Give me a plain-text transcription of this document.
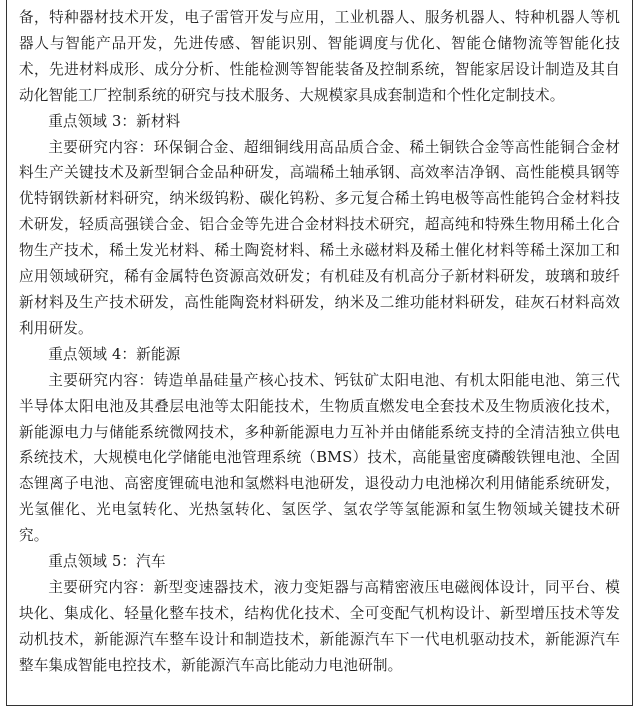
备，特种器材技术开发，电子雷管开发与应用，工业机器人、服务机器人、特种机器人等机器人与智能产品开发，先进传感、智能识别、智能调度与优化、智能仓储物流等智能化技术，先进材料成形、成分分析、性能检测等智能装备及控制系统，智能家居设计制造及其自动化智能工厂控制系统的研究与技术服务、大规模家具成套制造和个性化定制技术。

重点领域 3：新材料

主要研究内容：环保铜合金、超细铜线用高品质合金、稀土铜铁合金等高性能铜合金材料生产关键技术及新型铜合金品种研发，高端稀土轴承钢、高效率洁净钢、高性能模具钢等优特钢铁新材料研究，纳米级钨粉、碳化钨粉、多元复合稀土钨电极等高性能钨合金材料技术研发，轻质高强镁合金、铝合金等先进合金材料技术研究，超高纯和特殊生物用稀土化合物生产技术，稀土发光材料、稀土陶瓷材料、稀土永磁材料及稀土催化材料等稀土深加工和应用领域研究，稀有金属特色资源高效研发；有机硅及有机高分子新材料研发，玻璃和玻纤新材料及生产技术研发，高性能陶瓷材料研发，纳米及二维功能材料研发，硅灰石材料高效利用研发。

重点领域 4：新能源

主要研究内容：铸造单晶硅量产核心技术、钙钛矿太阳电池、有机太阳能电池、第三代半导体太阳电池及其叠层电池等太阳能技术，生物质直燃发电全套技术及生物质液化技术，新能源电力与储能系统微网技术，多种新能源电力互补并由储能系统支持的全清洁独立供电系统技术，大规模电化学储能电池管理系统（BMS）技术，高能量密度磷酸铁锂电池、全固态锂离子电池、高密度锂硫电池和氢燃料电池研发，退役动力电池梯次利用储能系统研发，光氢催化、光电氢转化、光热氢转化、氢医学、氢农学等氢能源和氢生物领域关键技术研究。

重点领域 5：汽车

主要研究内容：新型变速器技术，液力变矩器与高精密液压电磁阀体设计，同平台、模块化、集成化、轻量化整车技术，结构优化技术、全可变配气机构设计、新型增压技术等发动机技术，新能源汽车整车设计和制造技术，新能源汽车下一代电机驱动技术，新能源汽车整车集成智能电控技术，新能源汽车高比能动力电池研制。
